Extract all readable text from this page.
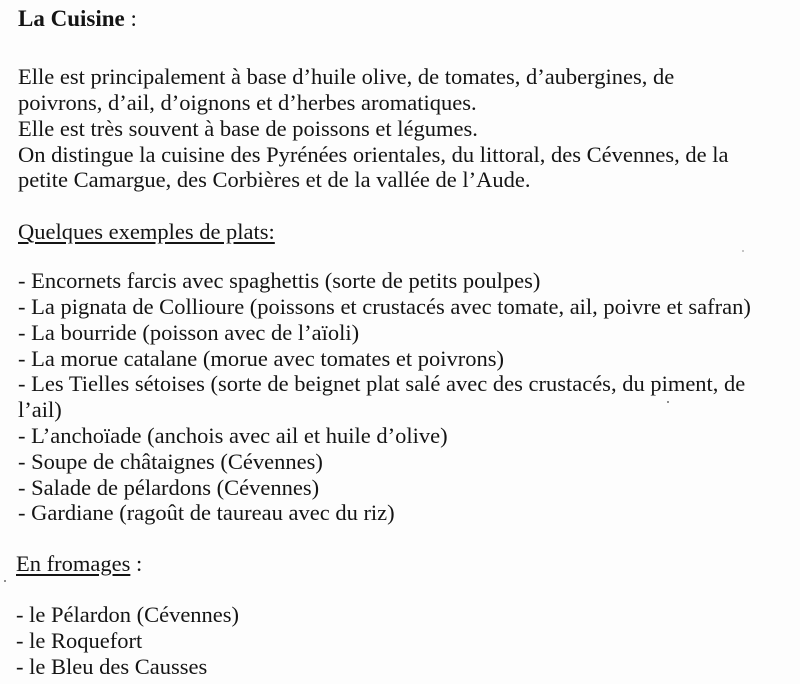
La Cuisine :
Elle est principalement à base d’huile olive, de tomates, d’aubergines, de
poivrons, d’ail, d’oignons et d’herbes aromatiques.
Elle est très souvent à base de poissons et légumes.
On distingue la cuisine des Pyrénées orientales, du littoral, des Cévennes, de la
petite Camargue, des Corbières et de la vallée de l’Aude.
Quelques exemples de plats:
- Encornets farcis avec spaghettis (sorte de petits poulpes)
- La pignata de Collioure (poissons et crustacés avec tomate, ail, poivre et safran)
- La bourride (poisson avec de l’aïoli)
- La morue catalane (morue avec tomates et poivrons)
- Les Tielles sétoises (sorte de beignet plat salé avec des crustacés, du piment, de
l’ail)
- L’anchoïade (anchois avec ail et huile d’olive)
- Soupe de châtaignes (Cévennes)
- Salade de pélardons (Cévennes)
- Gardiane (ragoût de taureau avec du riz)
En fromages :
- le Pélardon (Cévennes)
- le Roquefort
- le Bleu des Causses
